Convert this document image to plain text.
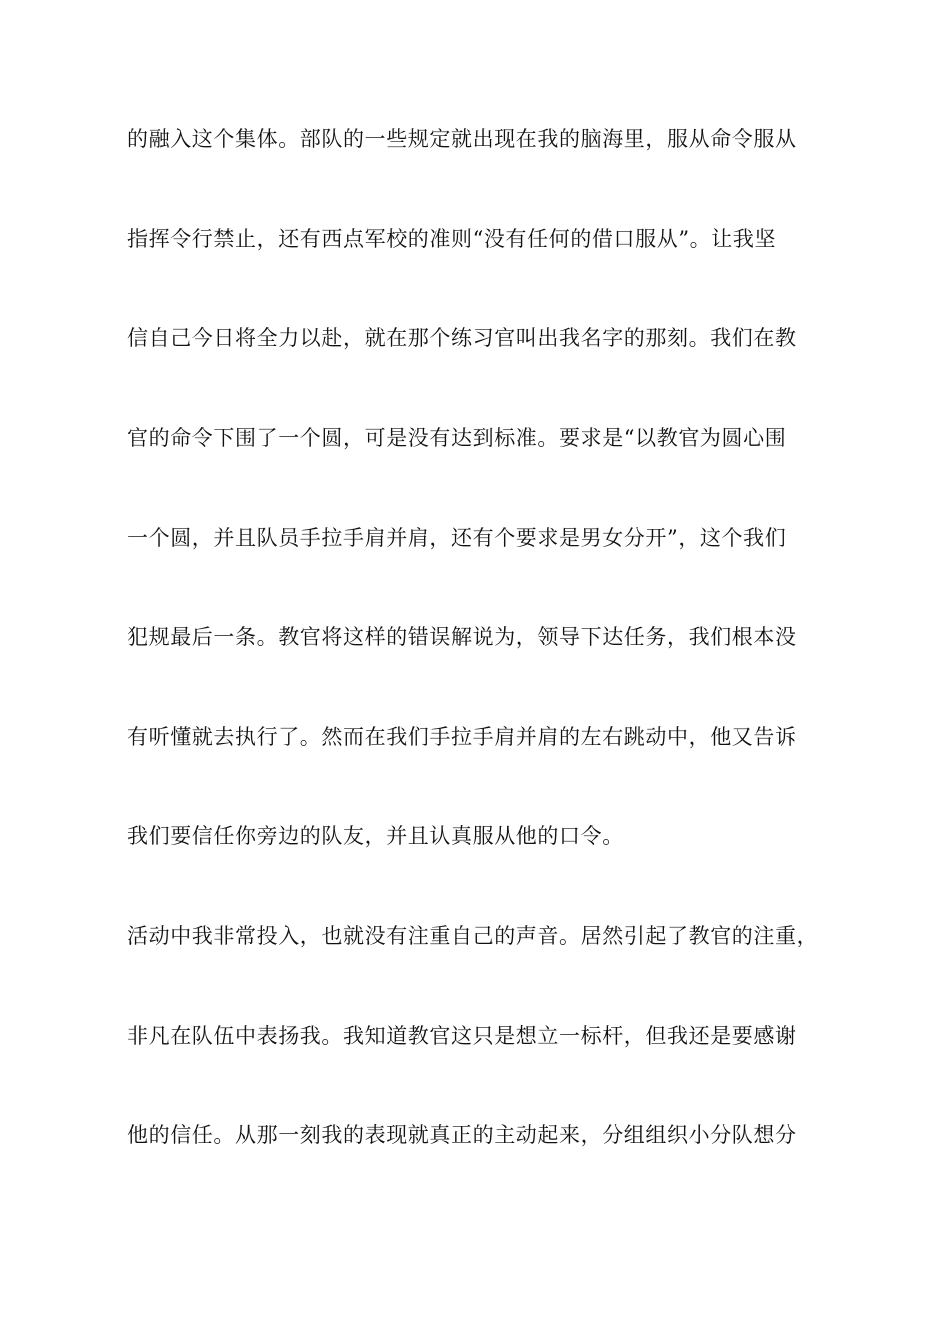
的融入这个集体。部队的一些规定就出现在我的脑海里，服从命令服从
指挥令行禁止，还有西点军校的准则“没有任何的借口服从”。让我坚
信自己今日将全力以赴，就在那个练习官叫出我名字的那刻。我们在教
官的命令下围了一个圆，可是没有达到标准。要求是“以教官为圆心围
一个圆，并且队员手拉手肩并肩，还有个要求是男女分开”，这个我们
犯规最后一条。教官将这样的错误解说为，领导下达任务，我们根本没
有听懂就去执行了。然而在我们手拉手肩并肩的左右跳动中，他又告诉
我们要信任你旁边的队友，并且认真服从他的口令。
活动中我非常投入，也就没有注重自己的声音。居然引起了教官的注重，
非凡在队伍中表扬我。我知道教官这只是想立一标杆，但我还是要感谢
他的信任。从那一刻我的表现就真正的主动起来，分组组织小分队想分
